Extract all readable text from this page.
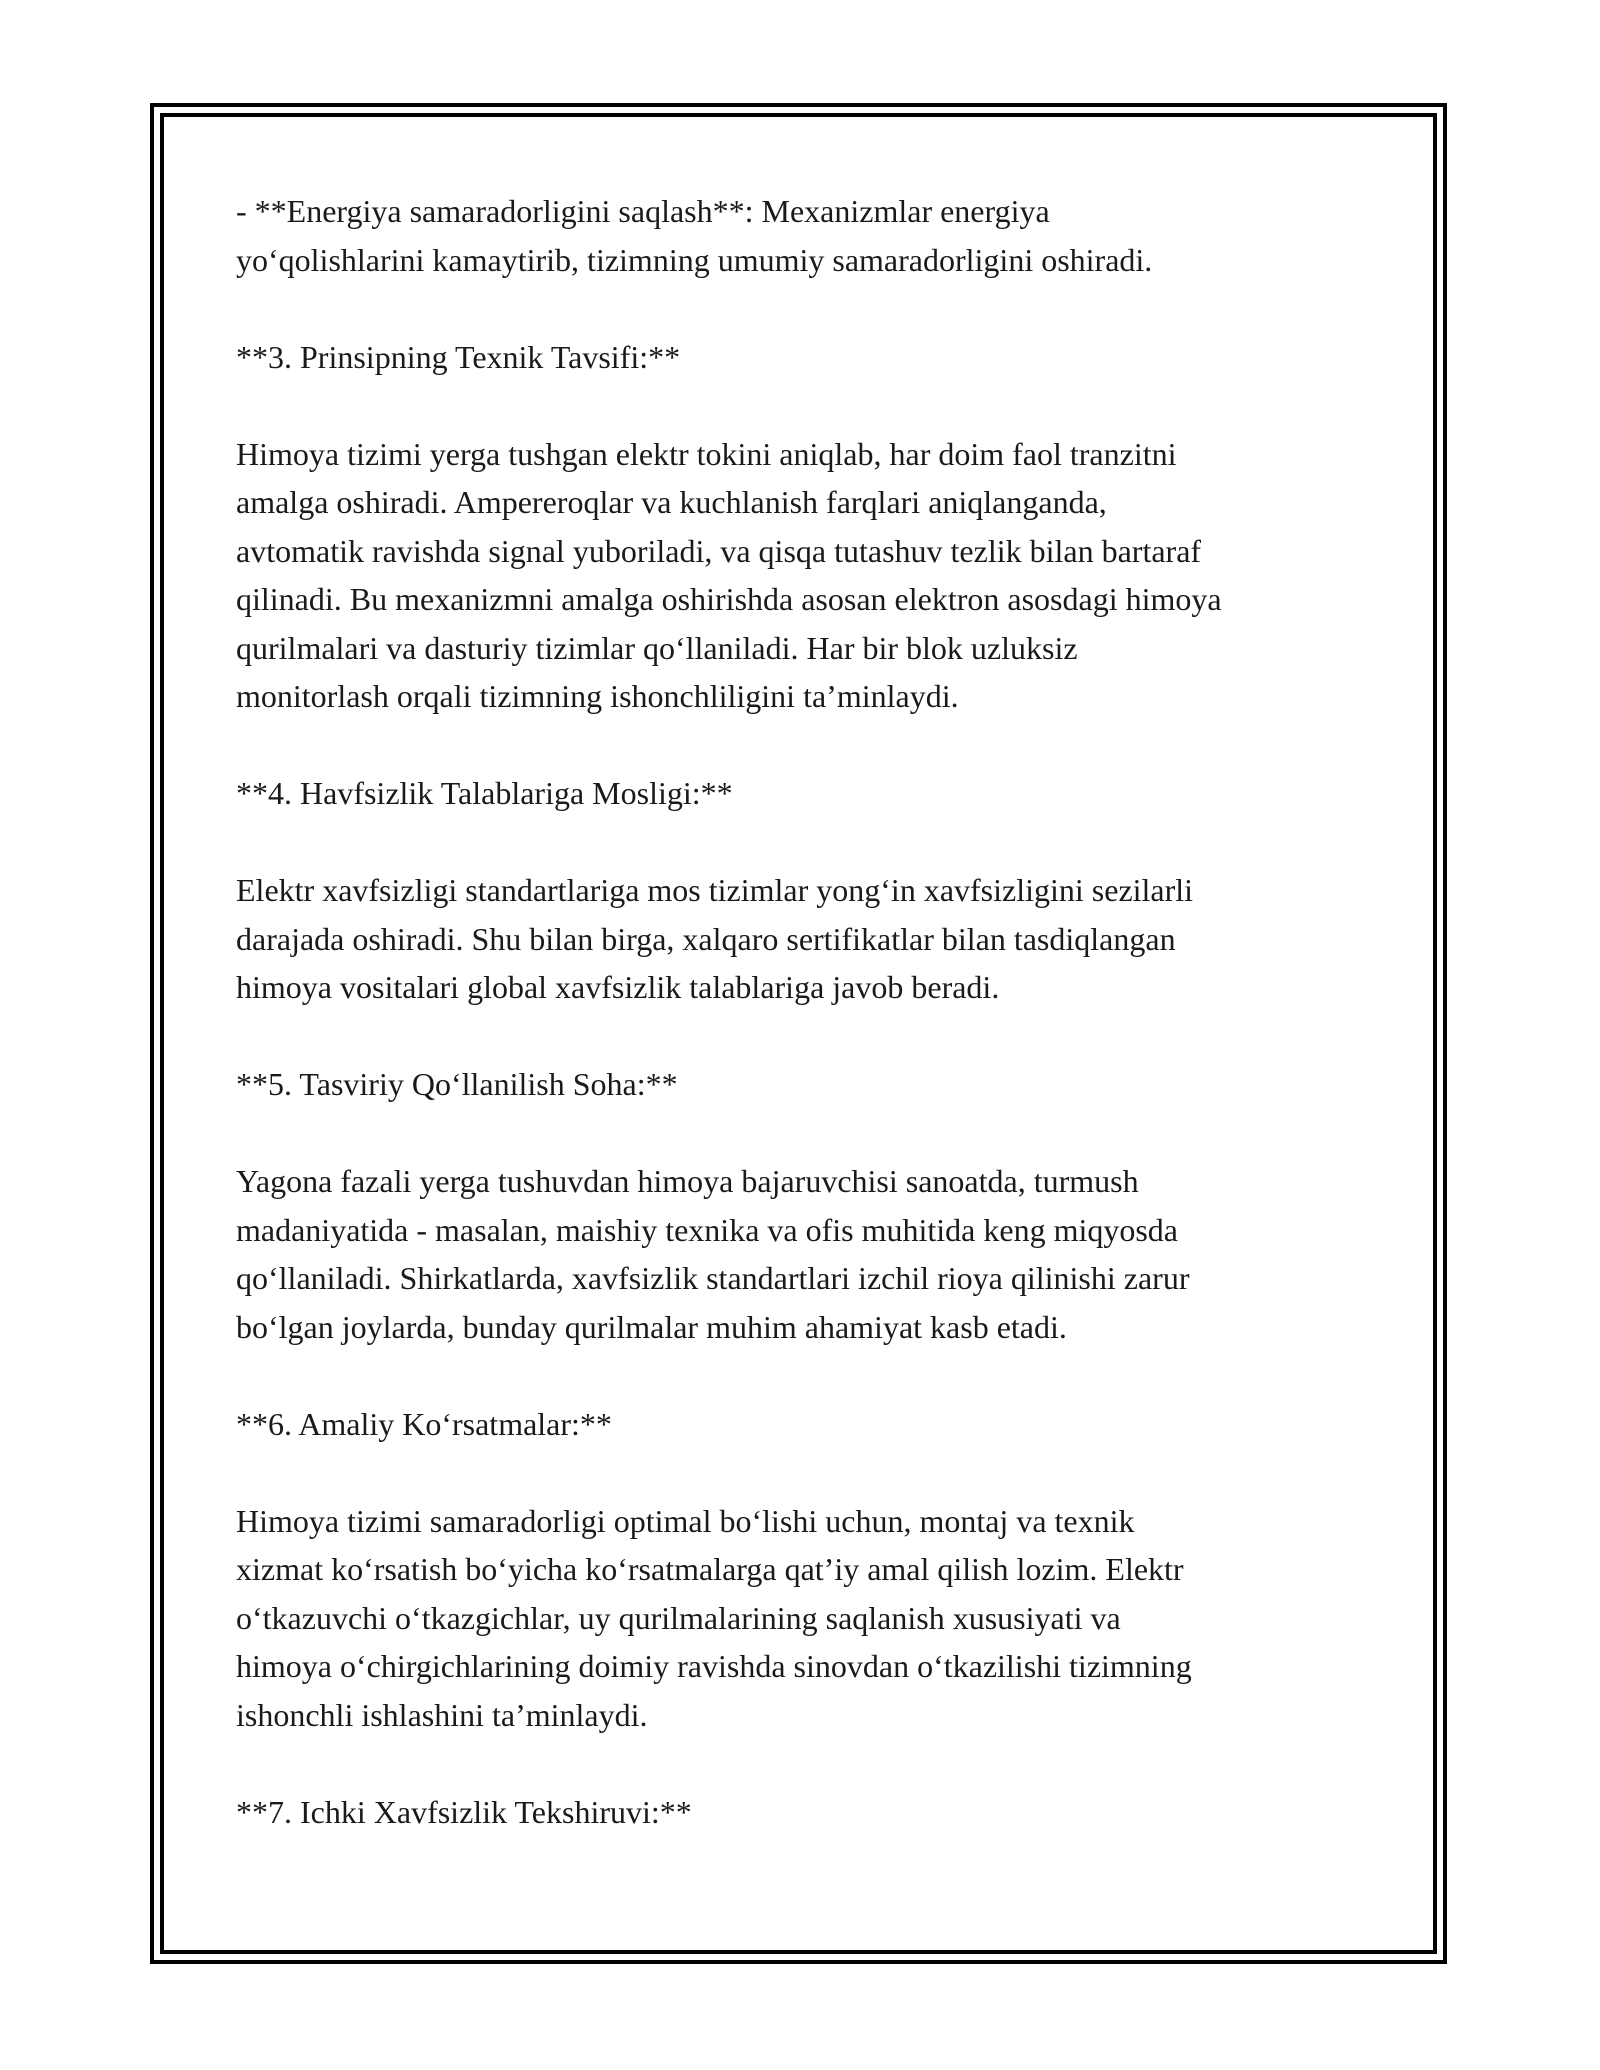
- **Energiya samaradorligini saqlash**: Mexanizmlar energiya
yo‘qolishlarini kamaytirib, tizimning umumiy samaradorligini oshiradi.

**3. Prinsipning Texnik Tavsifi:**

Himoya tizimi yerga tushgan elektr tokini aniqlab, har doim faol tranzitni
amalga oshiradi. Ampereroqlar va kuchlanish farqlari aniqlanganda,
avtomatik ravishda signal yuboriladi, va qisqa tutashuv tezlik bilan bartaraf
qilinadi. Bu mexanizmni amalga oshirishda asosan elektron asosdagi himoya
qurilmalari va dasturiy tizimlar qo‘llaniladi. Har bir blok uzluksiz
monitorlash orqali tizimning ishonchliligini ta’minlaydi.

**4. Havfsizlik Talablariga Mosligi:**

Elektr xavfsizligi standartlariga mos tizimlar yong‘in xavfsizligini sezilarli
darajada oshiradi. Shu bilan birga, xalqaro sertifikatlar bilan tasdiqlangan
himoya vositalari global xavfsizlik talablariga javob beradi.

**5. Tasviriy Qo‘llanilish Soha:**

Yagona fazali yerga tushuvdan himoya bajaruvchisi sanoatda, turmush
madaniyatida - masalan, maishiy texnika va ofis muhitida keng miqyosda
qo‘llaniladi. Shirkatlarda, xavfsizlik standartlari izchil rioya qilinishi zarur
bo‘lgan joylarda, bunday qurilmalar muhim ahamiyat kasb etadi.

**6. Amaliy Ko‘rsatmalar:**

Himoya tizimi samaradorligi optimal bo‘lishi uchun, montaj va texnik
xizmat ko‘rsatish bo‘yicha ko‘rsatmalarga qat’iy amal qilish lozim. Elektr
o‘tkazuvchi o‘tkazgichlar, uy qurilmalarining saqlanish xususiyati va
himoya o‘chirgichlarining doimiy ravishda sinovdan o‘tkazilishi tizimning
ishonchli ishlashini ta’minlaydi.

**7. Ichki Xavfsizlik Tekshiruvi:**
